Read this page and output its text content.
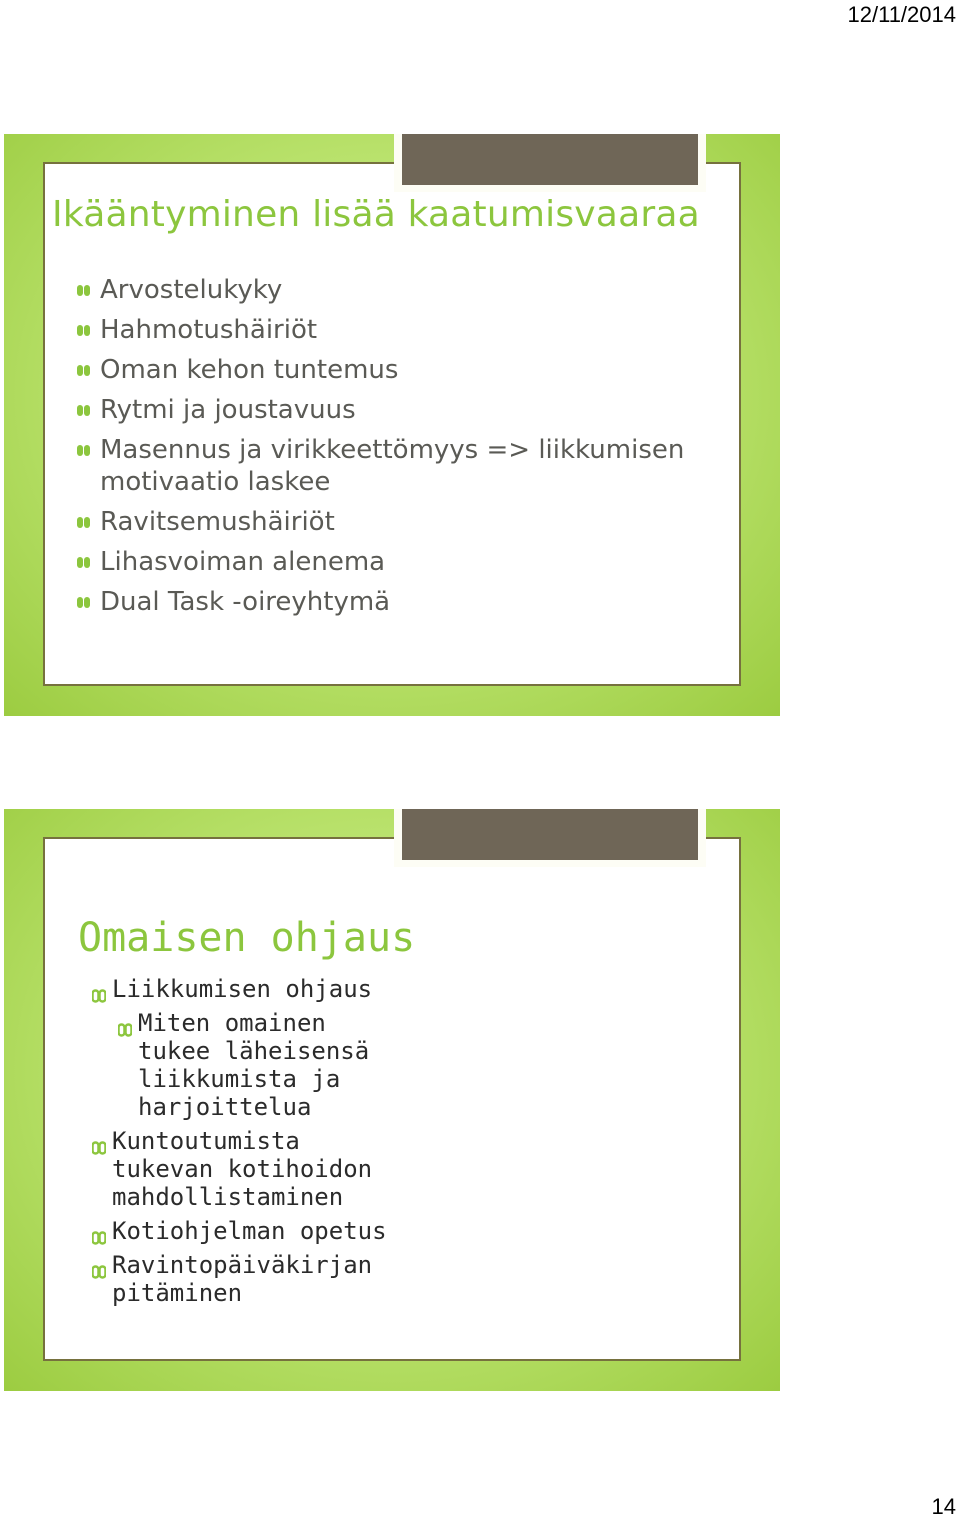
12/11/2014
Ikääntyminen lisää kaatumisvaaraa
Arvostelukyky
Hahmotushäiriöt
Oman kehon tuntemus
Rytmi ja joustavuus
Masennus ja virikkeettömyys => liikkumisen motivaatio laskee
Ravitsemushäiriöt
Lihasvoiman alenema
Dual Task -oireyhtymä
Omaisen ohjaus
Liikkumisen ohjaus
Miten omainen tukee läheisensä liikkumista ja harjoittelua
Kuntoutumista tukevan kotihoidon mahdollistaminen
Kotiohjelman opetus
Ravintopäiväkirjan pitäminen
14
